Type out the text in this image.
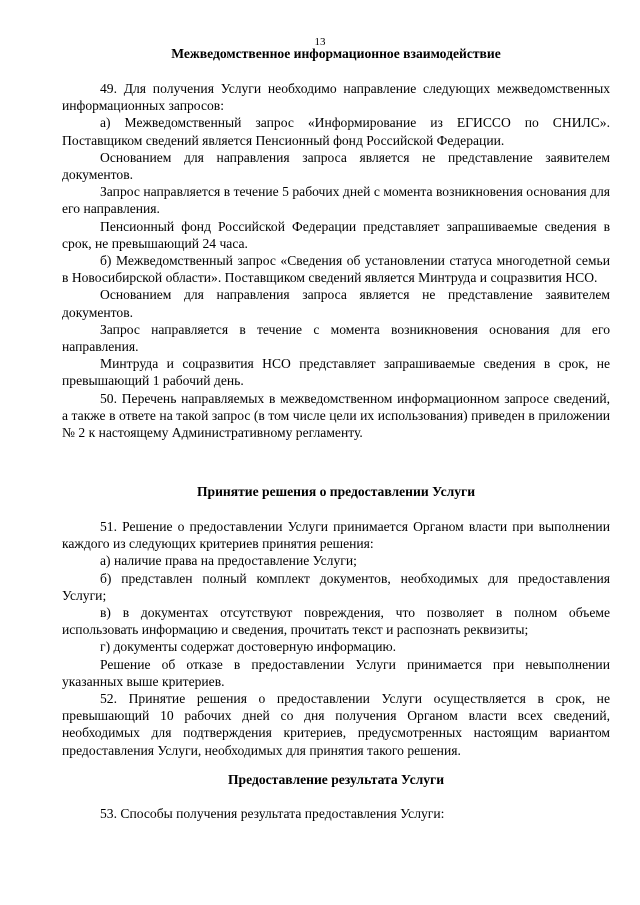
13

Межведомственное информационное взаимодействие

49. Для получения Услуги необходимо направление следующих межведомственных информационных запросов:

а) Межведомственный запрос «Информирование из ЕГИССО по СНИЛС». Поставщиком сведений является Пенсионный фонд Российской Федерации.

Основанием для направления запроса является не представление заявителем документов.

Запрос направляется в течение 5 рабочих дней с момента возникновения основания для его направления.

Пенсионный фонд Российской Федерации представляет запрашиваемые сведения в срок, не превышающий 24 часа.

б) Межведомственный запрос «Сведения об установлении статуса многодетной семьи в Новосибирской области». Поставщиком сведений является Минтруда и соцразвития НСО.

Основанием для направления запроса является не представление заявителем документов.

Запрос направляется в течение с момента возникновения основания для его направления.

Минтруда и соцразвития НСО представляет запрашиваемые сведения в срок, не превышающий 1 рабочий день.

50. Перечень направляемых в межведомственном информационном запросе сведений, а также в ответе на такой запрос (в том числе цели их использования) приведен в приложении № 2 к настоящему Административному регламенту.

Принятие решения о предоставлении Услуги

51. Решение о предоставлении Услуги принимается Органом власти при выполнении каждого из следующих критериев принятия решения:

а) наличие права на предоставление Услуги;

б) представлен полный комплект документов, необходимых для предоставления Услуги;

в) в документах отсутствуют повреждения, что позволяет в полном объеме использовать информацию и сведения, прочитать текст и распознать реквизиты;

г) документы содержат достоверную информацию.

Решение об отказе в предоставлении Услуги принимается при невыполнении указанных выше критериев.

52. Принятие решения о предоставлении Услуги осуществляется в срок, не превышающий 10 рабочих дней со дня получения Органом власти всех сведений, необходимых для подтверждения критериев, предусмотренных настоящим вариантом предоставления Услуги, необходимых для принятия такого решения.

Предоставление результата Услуги

53. Способы получения результата предоставления Услуги:
